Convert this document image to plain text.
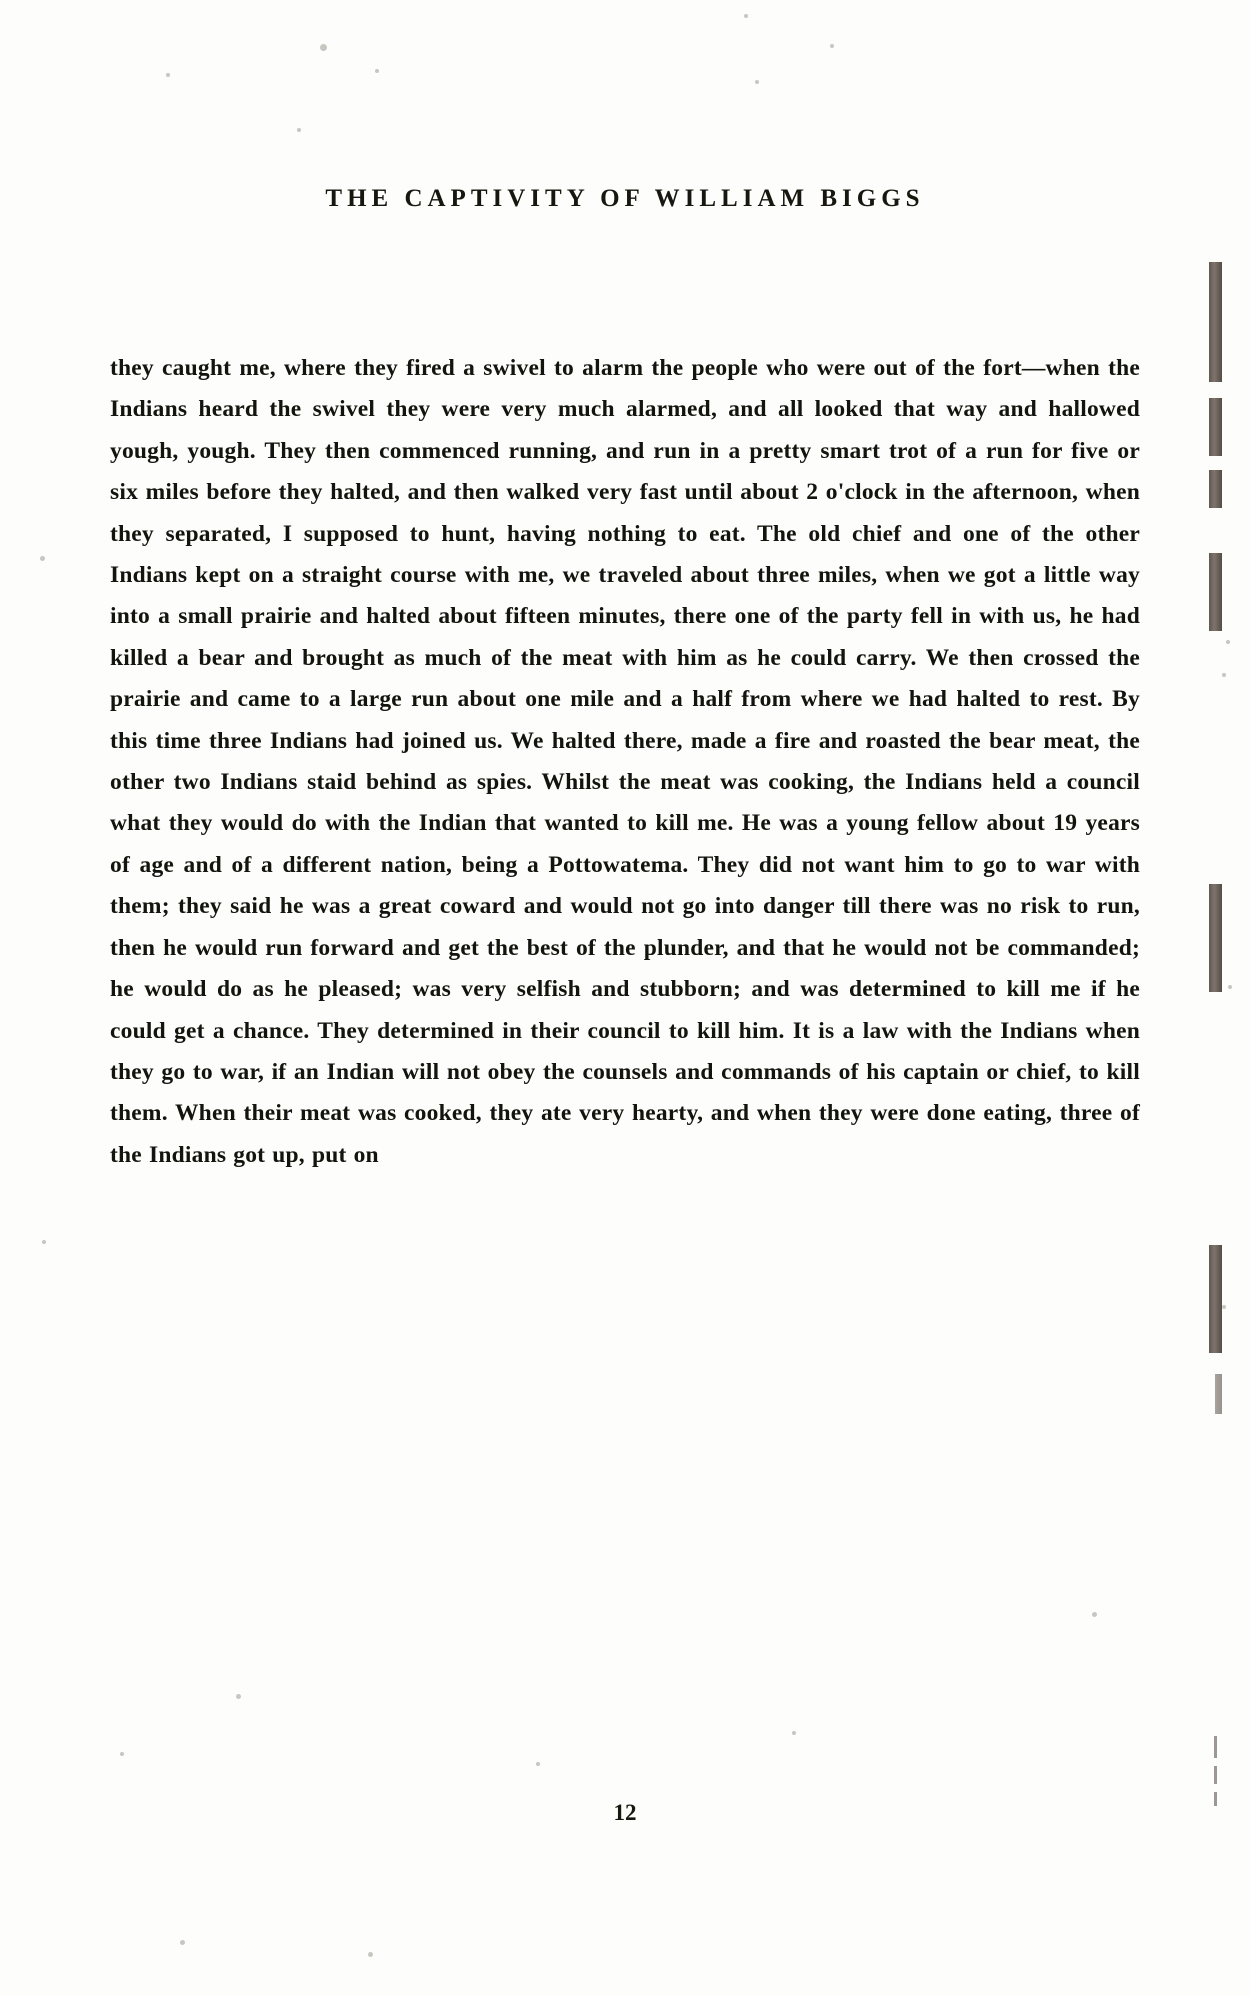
THE CAPTIVITY OF WILLIAM BIGGS

they caught me, where they fired a swivel to alarm the people who were out of the fort—when the Indians heard the swivel they were very much alarmed, and all looked that way and hallowed yough, yough. They then commenced running, and run in a pretty smart trot of a run for five or six miles before they halted, and then walked very fast until about 2 o'clock in the afternoon, when they separated, I supposed to hunt, having nothing to eat. The old chief and one of the other Indians kept on a straight course with me, we traveled about three miles, when we got a little way into a small prairie and halted about fifteen minutes, there one of the party fell in with us, he had killed a bear and brought as much of the meat with him as he could carry. We then crossed the prairie and came to a large run about one mile and a half from where we had halted to rest. By this time three Indians had joined us. We halted there, made a fire and roasted the bear meat, the other two Indians staid behind as spies. Whilst the meat was cooking, the Indians held a council what they would do with the Indian that wanted to kill me. He was a young fellow about 19 years of age and of a different nation, being a Pottowatema. They did not want him to go to war with them; they said he was a great coward and would not go into danger till there was no risk to run, then he would run forward and get the best of the plunder, and that he would not be commanded; he would do as he pleased; was very selfish and stubborn; and was determined to kill me if he could get a chance. They determined in their council to kill him. It is a law with the Indians when they go to war, if an Indian will not obey the counsels and commands of his captain or chief, to kill them. When their meat was cooked, they ate very hearty, and when they were done eating, three of the Indians got up, put on

12
